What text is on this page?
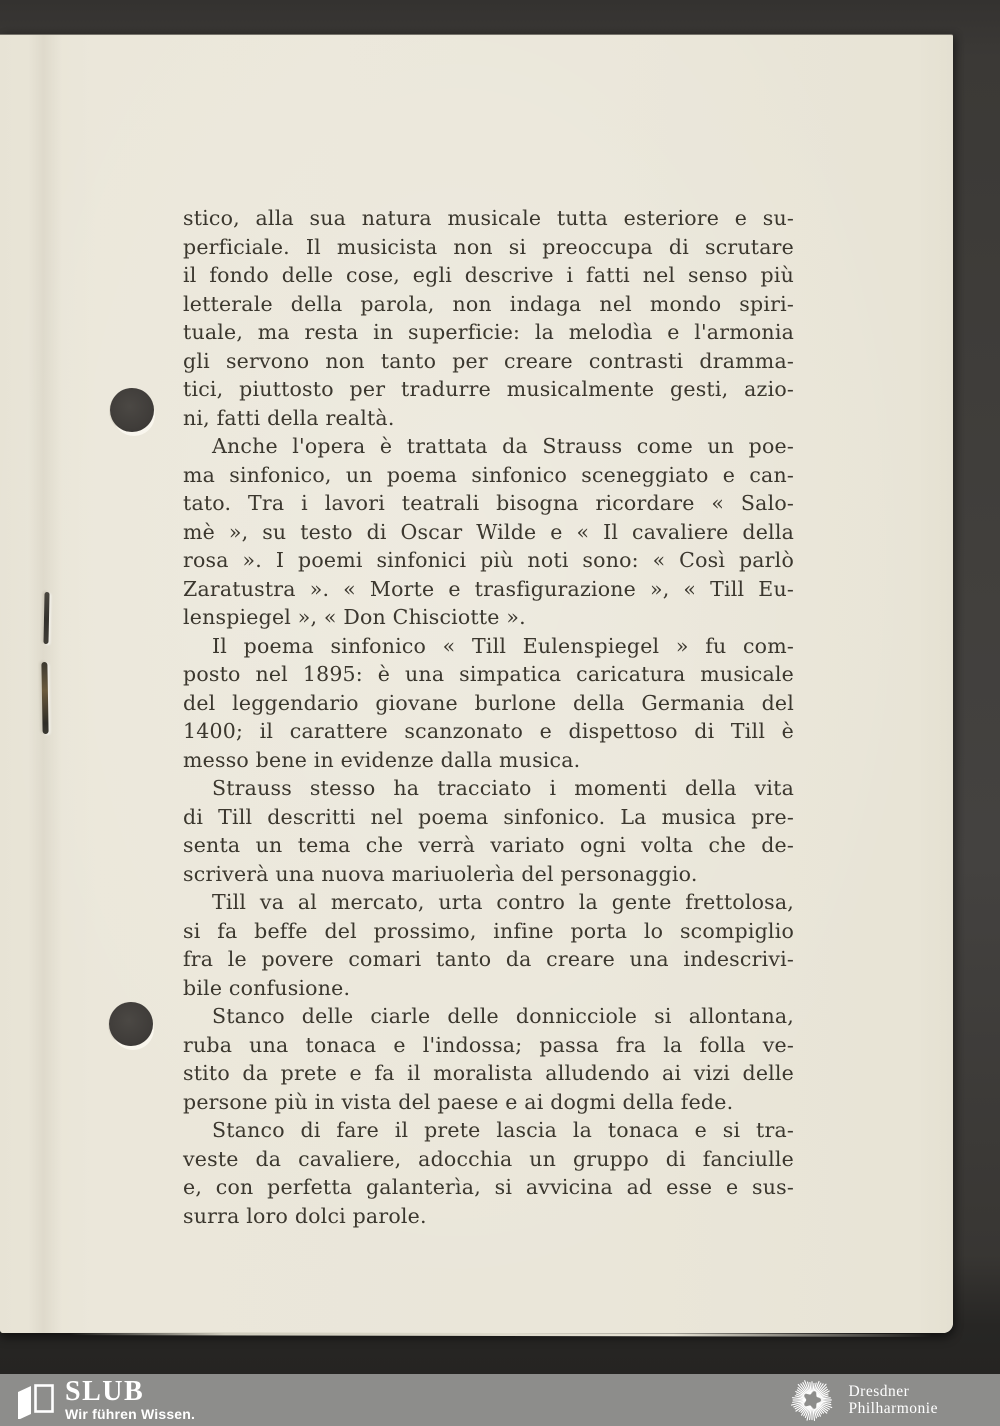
stico, alla sua natura musicale tutta esteriore e su-
perficiale. Il musicista non si preoccupa di scrutare
il fondo delle cose, egli descrive i fatti nel senso più
letterale della parola, non indaga nel mondo spiri-
tuale, ma resta in superficie: la melodìa e l'armonia
gli servono non tanto per creare contrasti dramma-
tici, piuttosto per tradurre musicalmente gesti, azio-
ni, fatti della realtà.
Anche l'opera è trattata da Strauss come un poe-
ma sinfonico, un poema sinfonico sceneggiato e can-
tato. Tra i lavori teatrali bisogna ricordare « Salo-
mè », su testo di Oscar Wilde e « Il cavaliere della
rosa ». I poemi sinfonici più noti sono: « Così parlò
Zaratustra ». « Morte e trasfigurazione », « Till Eu-
lenspiegel », « Don Chisciotte ».
Il poema sinfonico « Till Eulenspiegel » fu com-
posto nel 1895: è una simpatica caricatura musicale
del leggendario giovane burlone della Germania del
1400; il carattere scanzonato e dispettoso di Till è
messo bene in evidenze dalla musica.
Strauss stesso ha tracciato i momenti della vita
di Till descritti nel poema sinfonico. La musica pre-
senta un tema che verrà variato ogni volta che de-
scriverà una nuova mariuolerìa del personaggio.
Till va al mercato, urta contro la gente frettolosa,
si fa beffe del prossimo, infine porta lo scompiglio
fra le povere comari tanto da creare una indescrivi-
bile confusione.
Stanco delle ciarle delle donnicciole si allontana,
ruba una tonaca e l'indossa; passa fra la folla ve-
stito da prete e fa il moralista alludendo ai vizi delle
persone più in vista del paese e ai dogmi della fede.
Stanco di fare il prete lascia la tonaca e si tra-
veste da cavaliere, adocchia un gruppo di fanciulle
e, con perfetta galanterìa, si avvicina ad esse e sus-
surra loro dolci parole.
SLUB
Wir führen Wissen.
Dresdner
Philharmonie
